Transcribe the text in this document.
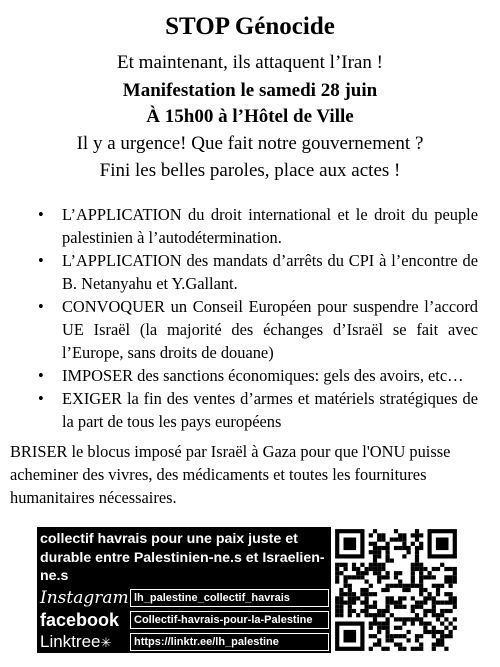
STOP Génocide
Et maintenant, ils attaquent l’Iran !
Manifestation le samedi 28 juin
À 15h00 à l’Hôtel de Ville
Il y a urgence! Que fait notre gouvernement ?
Fini les belles paroles, place aux actes !
• L’APPLICATION du droit international et le droit du peuple palestinien à l’autodétermination.
• L’APPLICATION des mandats d’arrêts du CPI à l’encontre de B. Netanyahu et Y.Gallant.
• CONVOQUER un Conseil Européen pour suspendre l’accord UE Israël (la majorité des échanges d’Israël se fait avec l’Europe, sans droits de douane)
• IMPOSER des sanctions économiques: gels des avoirs, etc…
• EXIGER la fin des ventes d’armes et matériels stratégiques de la part de tous les pays européens
BRISER le blocus imposé par Israël à Gaza pour que l'ONU puisse acheminer des vivres, des médicaments et toutes les fournitures humanitaires nécessaires.
collectif havrais pour une paix juste et durable entre Palestinien-ne.s et Israelien-ne.s
Instagram lh_palestine_collectif_havrais
facebook	Collectif-havrais-pour-la-Palestine
Linktree✳	https://linktr.ee/lh_palestine
